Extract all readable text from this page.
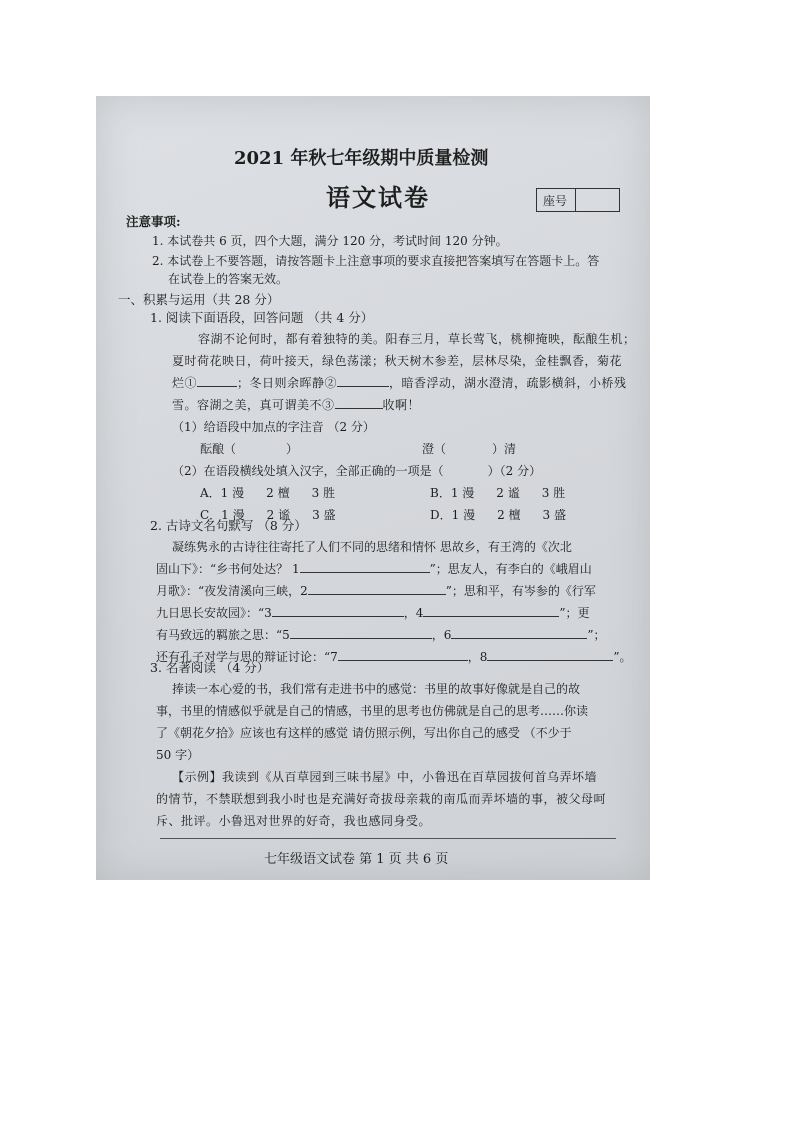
2021 年秋七年级期中质量检测
语文试卷	座号
注意事项:
1. 本试卷共 6 页，四个大题，满分 120 分，考试时间 120 分钟。
2. 本试卷上不要答题，请按答题卡上注意事项的要求直接把答案填写在答题卡上。答
在试卷上的答案无效。
一、积累与运用（共 28 分）
1. 阅读下面语段，回答问题 （共 4 分）
容湖不论何时，都有着独特的美。阳春三月，草长莺飞，桃柳掩映，酝酿生机；
夏时荷花映日，荷叶接天，绿色荡漾；秋天树木参差，层林尽染，金桂飘香，菊花
烂①	；冬日则余晖静②	，暗香浮动，湖水澄清，疏影横斜，小桥残
雪。容湖之美，真可谓美不③	收啊！
（1）给语段中加点的字注音 （2 分）
酝酿（	）	澄（	）清
（2）在语段横线处填入汉字，全部正确的一项是（	）（2 分）
A．1 漫 2 檀 3 胜	B．1 漫 2 谧 3 胜
C．1 漫 2 谧 3 盛	D．1 漫 2 檀 3 盛
2. 古诗文名句默写 （8 分）
凝练隽永的古诗往往寄托了人们不同的思绪和情怀 思故乡，有王湾的《次北
固山下》：“乡书何处达？ 1	”；思友人，有李白的《峨眉山
月歌》：“夜发清溪向三峡，2	”；思和平，有岑参的《行军
九日思长安故园》：“3	，4	”；更
有马致远的羁旅之思：“5	，6	”；
还有孔子对学与思的辩证讨论：“7	，8	”。
3. 名著阅读 （4 分）
捧读一本心爱的书，我们常有走进书中的感觉：书里的故事好像就是自己的故
事，书里的情感似乎就是自己的情感，书里的思考也仿佛就是自己的思考……你读
了《朝花夕拾》应该也有这样的感觉 请仿照示例，写出你自己的感受 （不少于
50 字）
【示例】我读到《从百草园到三味书屋》中，小鲁迅在百草园拔何首乌弄坏墙
的情节，不禁联想到我小时也是充满好奇拔母亲栽的南瓜而弄坏墙的事，被父母呵
斥、批评。小鲁迅对世界的好奇，我也感同身受。
七年级语文试卷 第 1 页 共 6 页
